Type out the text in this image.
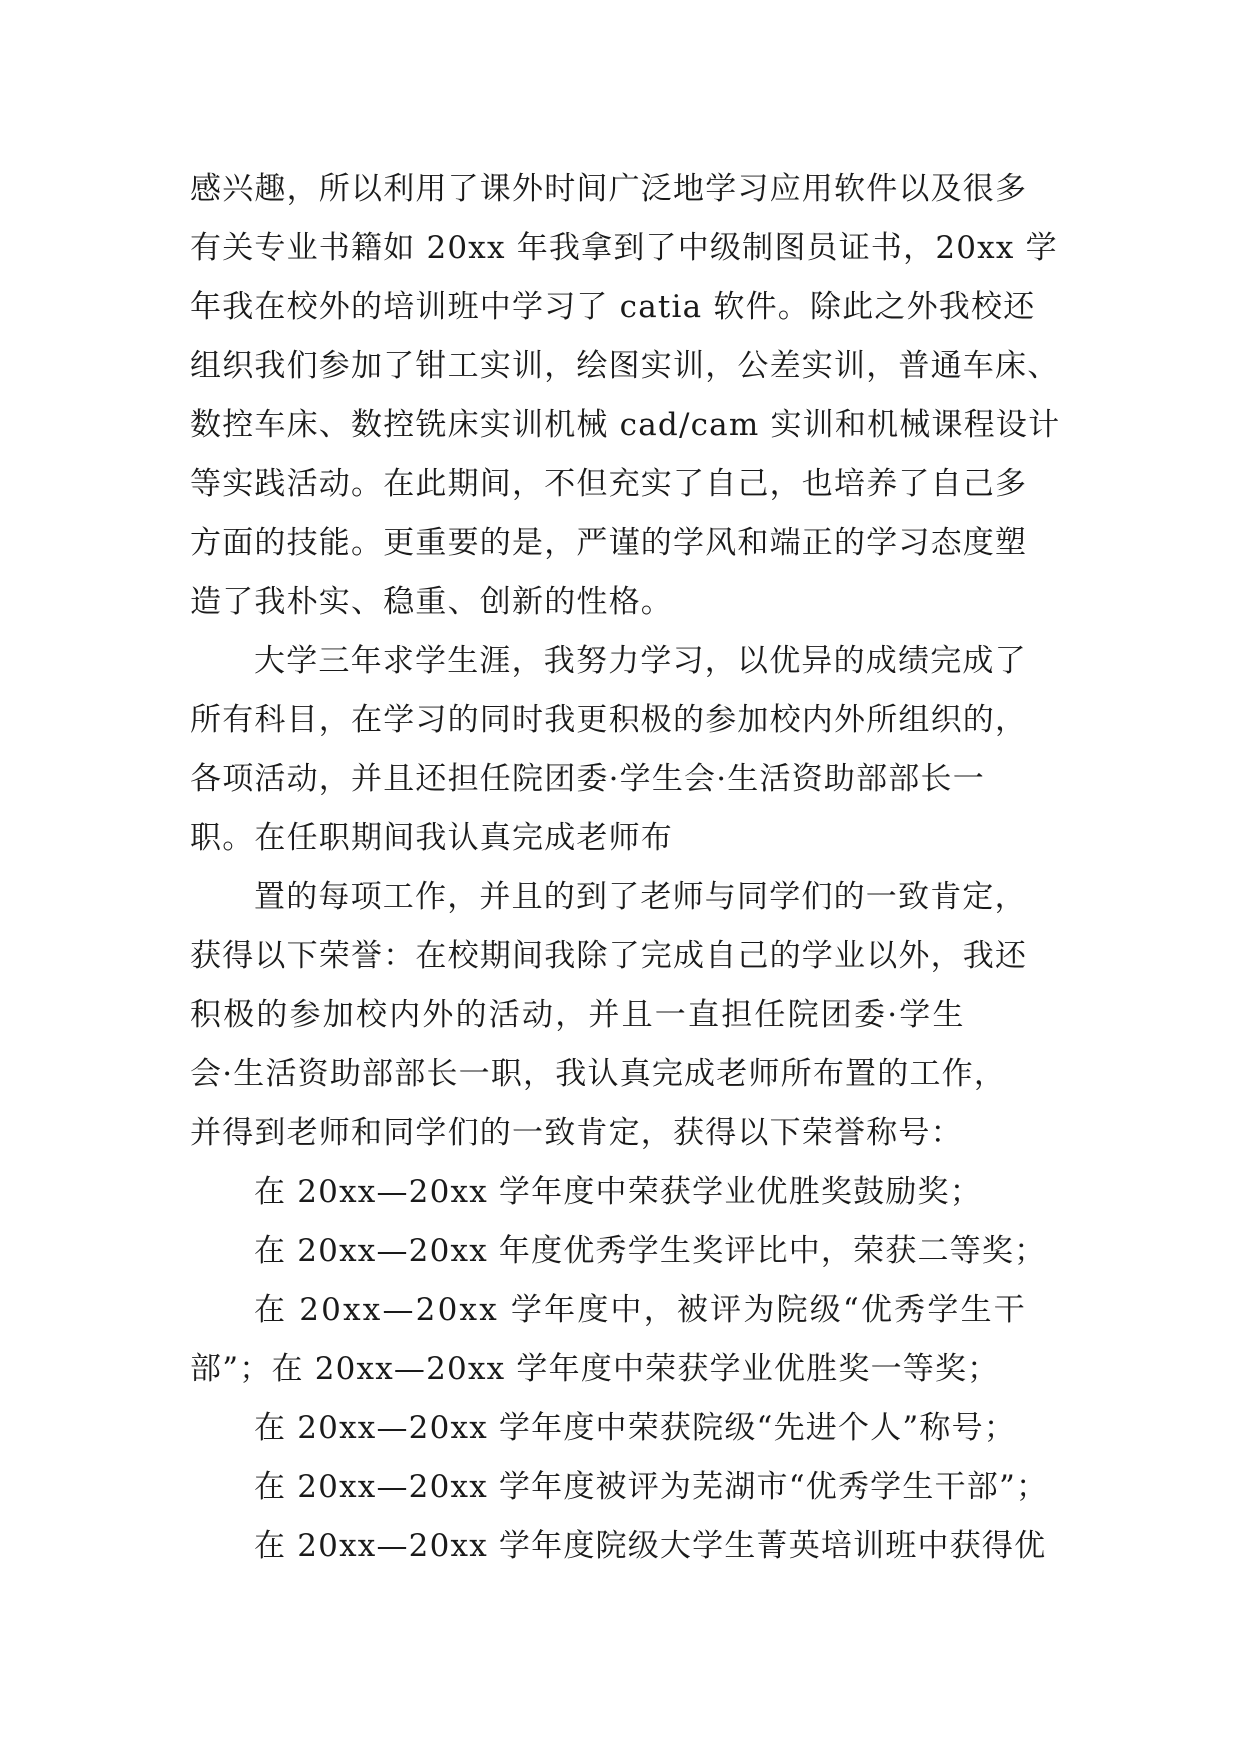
感兴趣，所以利用了课外时间广泛地学习应用软件以及很多
有关专业书籍如 20xx 年我拿到了中级制图员证书，20xx 学
年我在校外的培训班中学习了 catia 软件。除此之外我校还
组织我们参加了钳工实训，绘图实训，公差实训，普通车床、
数控车床、数控铣床实训机械 cad/cam 实训和机械课程设计
等实践活动。在此期间，不但充实了自己，也培养了自己多
方面的技能。更重要的是，严谨的学风和端正的学习态度塑
造了我朴实、稳重、创新的性格。
大学三年求学生涯，我努力学习，以优异的成绩完成了
所有科目，在学习的同时我更积极的参加校内外所组织的，
各项活动，并且还担任院团委·学生会·生活资助部部长一
职。在任职期间我认真完成老师布
置的每项工作，并且的到了老师与同学们的一致肯定，
获得以下荣誉：在校期间我除了完成自己的学业以外，我还
积极的参加校内外的活动，并且一直担任院团委·学生
会·生活资助部部长一职，我认真完成老师所布置的工作，
并得到老师和同学们的一致肯定，获得以下荣誉称号：
在 20xx—20xx 学年度中荣获学业优胜奖鼓励奖；
在 20xx—20xx 年度优秀学生奖评比中，荣获二等奖；
在 20xx—20xx 学年度中，被评为院级“优秀学生干
部”；在 20xx—20xx 学年度中荣获学业优胜奖一等奖；
在 20xx—20xx 学年度中荣获院级“先进个人”称号；
在 20xx—20xx 学年度被评为芜湖市“优秀学生干部”；
在 20xx—20xx 学年度院级大学生菁英培训班中获得优
